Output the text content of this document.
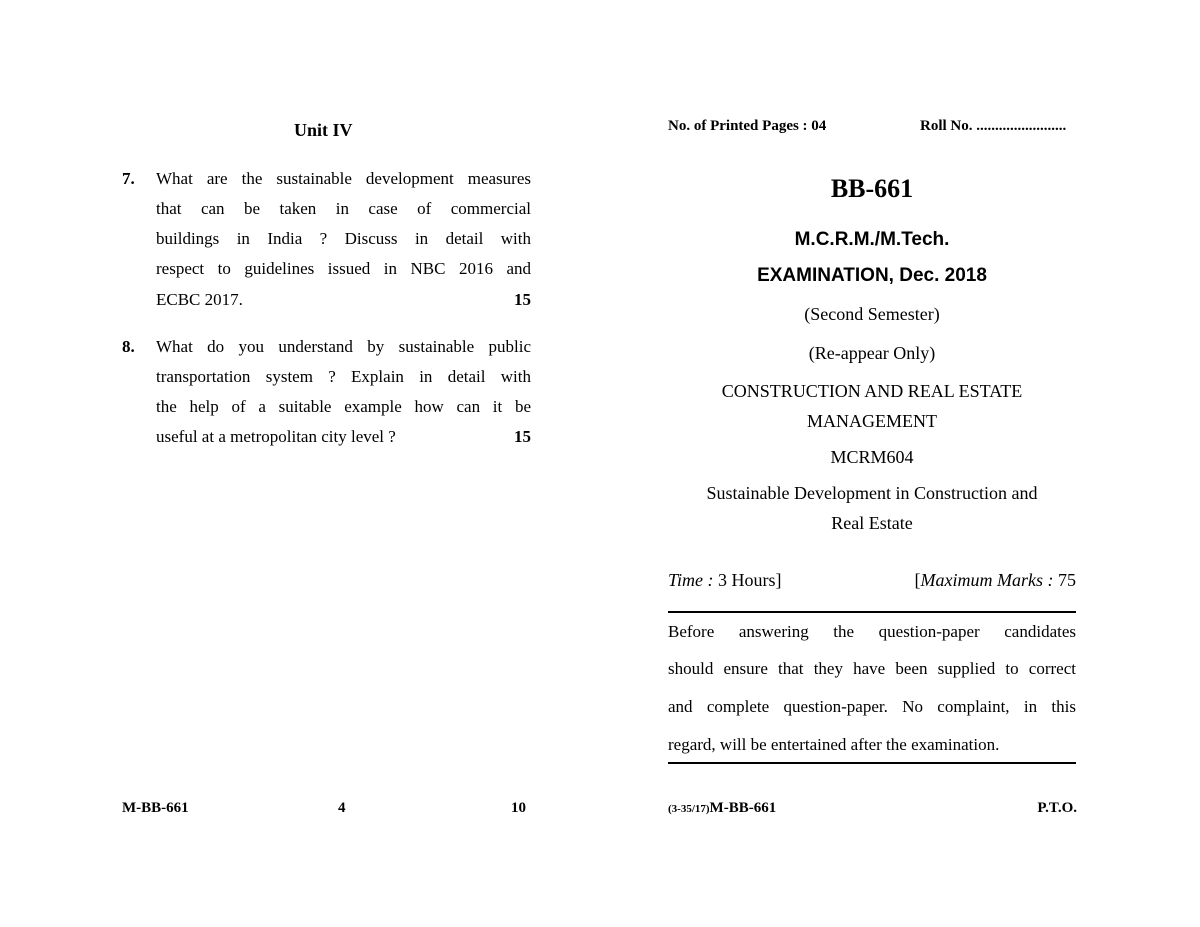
Unit IV
7. What are the sustainable development measures
that can be taken in case of commercial
buildings in India ? Discuss in detail with
respect to guidelines issued in NBC 2016 and
ECBC 2017.	15
8. What do you understand by sustainable public
transportation system ? Explain in detail with
the help of a suitable example how can it be
useful at a metropolitan city level ?	15
M-BB-661	4	10
No. of Printed Pages : 04	Roll No. ........................
BB-661
M.C.R.M./M.Tech.
EXAMINATION, Dec. 2018
(Second Semester)
(Re-appear Only)
CONSTRUCTION AND REAL ESTATE
MANAGEMENT
MCRM604
Sustainable Development in Construction and
Real Estate
Time : 3 Hours]	[Maximum Marks : 75
Before answering the question-paper candidates
should ensure that they have been supplied to correct
and complete question-paper. No complaint, in this
regard, will be entertained after the examination.
(3-35/17)M-BB-661	P.T.O.
